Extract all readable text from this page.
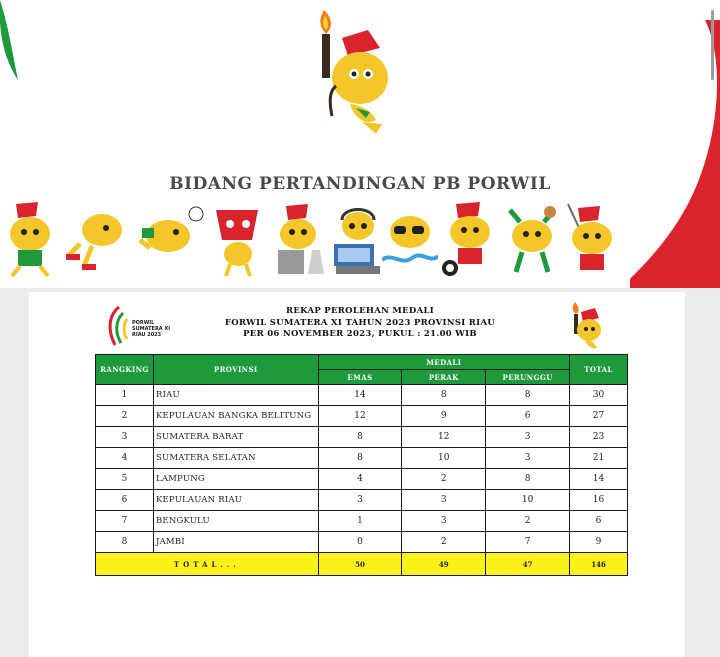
BIDANG PERTANDINGAN PB PORWIL
PORWIL
SUMATERA XI
RIAU 2023
REKAP PEROLEHAN MEDALI
FORWIL SUMATERA XI TAHUN 2023 PROVINSI RIAU
PER 06 NOVEMBER 2023, PUKUL : 21.00 WIB
RANGKING	PROVINSI	MEDALI			TOTAL
		EMAS	PERAK	PERUNGGU	
1	RIAU	14	8	8	30
2	KEPULAUAN BANGKA BELITUNG	12	9	6	27
3	SUMATERA BARAT	8	12	3	23
4	SUMATERA SELATAN	8	10	3	21
5	LAMPUNG	4	2	8	14
6	KEPULAUAN RIAU	3	3	10	16
7	BENGKULU	1	3	2	6
8	JAMBI	0	2	7	9
TOTAL...		50	49	47	146
